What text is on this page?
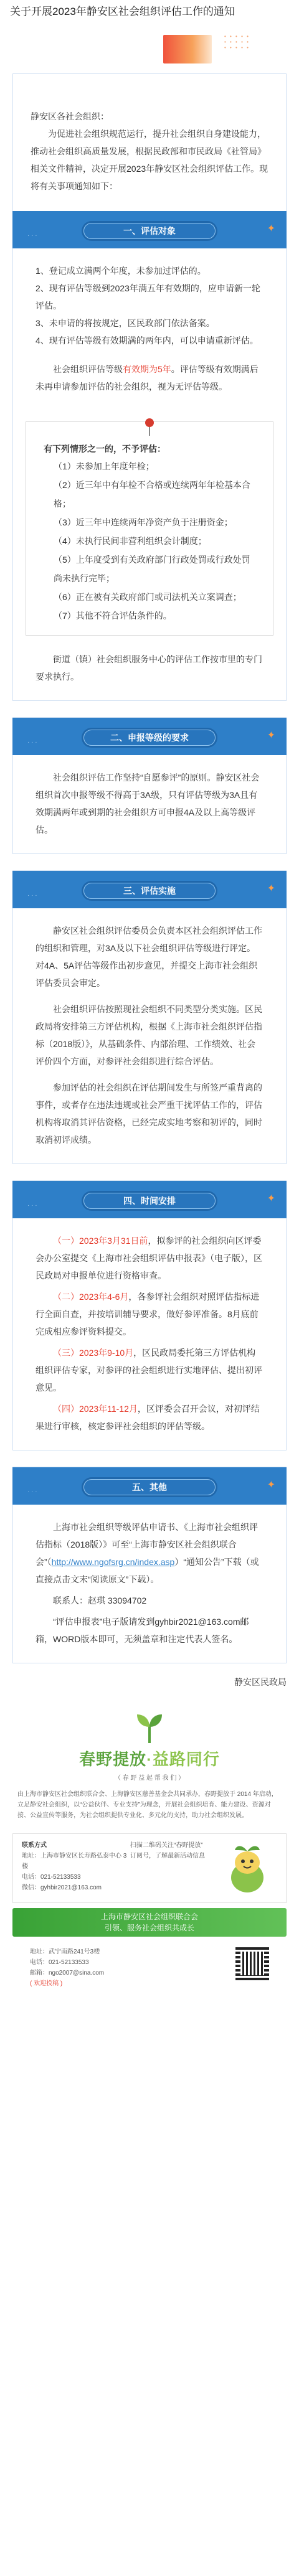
关于开展2023年静安区社会组织评估工作的通知
• • • • •
• • • • •
• • • • •
静安区各社会组织：
为促进社会组织规范运行，提升社会组织自身建设能力，推动社会组织高质量发展，根据民政部和市民政局《社管局》相关文件精神，决定开展2023年静安区社会组织评估工作。现将有关事项通知如下：
· · ·	一、评估对象	✦
1、登记成立满两个年度，未参加过评估的。
2、现有评估等级到2023年满五年有效期的，应申请新一轮评估。
3、未申请的将按规定，区民政部门依法备案。
4、现有评估等级有效期满的两年内，可以申请重新评估。
社会组织评估等级有效期为5年。评估等级有效期满后未再申请参加评估的社会组织，视为无评估等级。
有下列情形之一的，不予评估：

（1）未参加上年度年检；

（2）近三年中有年检不合格或连续两年年检基本合格；

（3）近三年中连续两年净资产负于注册资金；

（4）未执行民间非营利组织会计制度；

（5）上年度受到有关政府部门行政处罚或行政处罚尚未执行完毕；

（6）正在被有关政府部门或司法机关立案调查；

（7）其他不符合评估条件的。

街道（镇）社会组织服务中心的评估工作按市里的专门要求执行。
· · ·	二、申报等级的要求	✦
社会组织评估工作坚持“自愿参评”的原则。静安区社会组织首次申报等级不得高于3A级，只有评估等级为3A且有效期满两年或到期的社会组织方可申报4A及以上高等级评估。
· · ·	三、评估实施	✦
静安区社会组织评估委员会负责本区社会组织评估工作的组织和管理，对3A及以下社会组织评估等级进行评定。对4A、5A评估等级作出初步意见，并提交上海市社会组织评估委员会审定。
社会组织评估按照现社会组织不同类型分类实施。区民政局将安排第三方评估机构，根据《上海市社会组织评估指标（2018版）》，从基础条件、内部治理、工作绩效、社会评价四个方面，对参评社会组织进行综合评估。
参加评估的社会组织在评估期间发生与所签严重背离的事件，或者存在违法违规或社会严重干扰评估工作的，评估机构将取消其评估资格，已经完成实地考察和初评的，同时取消初评成绩。
· · ·	四、时间安排	✦
（一）2023年3月31日前，拟参评的社会组织向区评委会办公室提交《上海市社会组织评估申报表》（电子版），区民政局对申报单位进行资格审查。
（二）2023年4-6月，各参评社会组织对照评估指标进行全面自查，并按培训辅导要求，做好参评准备。8月底前完成相应参评资料提交。
（三）2023年9-10月，区民政局委托第三方评估机构组织评估专家，对参评的社会组织进行实地评估、提出初评意见。
（四）2023年11-12月，区评委会召开会议，对初评结果进行审核，核定参评社会组织的评估等级。
· · ·	五、其他	✦
上海市社会组织等级评估申请书、《上海市社会组织评估指标（2018版）》可至“上海市静安区社会组织联合会”（http://www.ngofsrg.cn/index.asp）“通知公告”下载（或直接点击文末“阅读原文”下载）。
联系人：赵琪 33094702
“评估申报表”电子版请发到gyhbir2021@163.com邮箱，WORD版本即可，无须盖章和注定代表人签名。
静安区民政局
春野提放·益路同行
（ 春 野 益 起 帮 我 们 ）
由上海市静安区社会组织联合会、上海静安区慈善基金会共同承办，春野提放于 2014 年启动，立足静安社会组织，以“公益伙伴、专业支持”为理念，开展社会组织培育、能力建设、资源对接、公益宣传等服务，为社会组织提供专业化、多元化的支持，助力社会组织发展。
联系方式
地址：上海市静安区长寿路弘泰中心 3 楼
电话：021-52133533
微信：gyhbir2021@163.com
扫描二维码关注“春野提放”
订阅号，了解最新活动信息
上海市静安区社会组织联合会
引领、服务社会组织共成长
地址：武宁南路241号3楼
电话：021-52133533
邮箱：ngo2007@sina.com
( 欢迎投稿 )
